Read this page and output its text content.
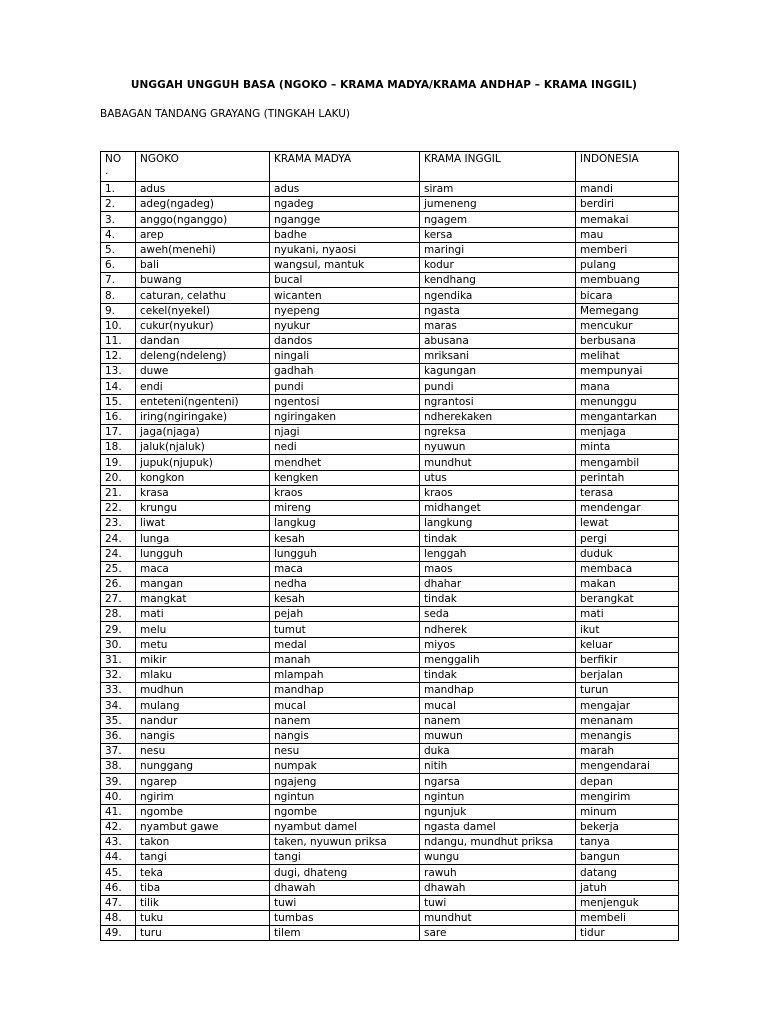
UNGGAH UNGGUH BASA (NGOKO – KRAMA MADYA/KRAMA ANDHAP – KRAMA INGGIL)
BABAGAN TANDANG GRAYANG (TINGKAH LAKU)
NO .	NGOKO	KRAMA MADYA	KRAMA INGGIL	INDONESIA
1.	adus	adus	siram	mandi
2.	adeg(ngadeg)	ngadeg	jumeneng	berdiri
3.	anggo(nganggo)	ngangge	ngagem	memakai
4.	arep	badhe	kersa	mau
5.	aweh(menehi)	nyukani, nyaosi	maringi	memberi
6.	bali	wangsul, mantuk	kodur	pulang
7.	buwang	bucal	kendhang	membuang
8.	caturan, celathu	wicanten	ngendika	bicara
9.	cekel(nyekel)	nyepeng	ngasta	Memegang
10.	cukur(nyukur)	nyukur	maras	mencukur
11.	dandan	dandos	abusana	berbusana
12.	deleng(ndeleng)	ningali	mriksani	melihat
13.	duwe	gadhah	kagungan	mempunyai
14.	endi	pundi	pundi	mana
15.	enteteni(ngenteni)	ngentosi	ngrantosi	menunggu
16.	iring(ngiringake)	ngiringaken	ndherekaken	mengantarkan
17.	jaga(njaga)	njagi	ngreksa	menjaga
18.	jaluk(njaluk)	nedi	nyuwun	minta
19.	jupuk(njupuk)	mendhet	mundhut	mengambil
20.	kongkon	kengken	utus	perintah
21.	krasa	kraos	kraos	terasa
22.	krungu	mireng	midhanget	mendengar
23.	liwat	langkug	langkung	lewat
24.	lunga	kesah	tindak	pergi
24.	lungguh	lungguh	lenggah	duduk
25.	maca	maca	maos	membaca
26.	mangan	nedha	dhahar	makan
27.	mangkat	kesah	tindak	berangkat
28.	mati	pejah	seda	mati
29.	melu	tumut	ndherek	ikut
30.	metu	medal	miyos	keluar
31.	mikir	manah	menggalih	berfikir
32.	mlaku	mlampah	tindak	berjalan
33.	mudhun	mandhap	mandhap	turun
34.	mulang	mucal	mucal	mengajar
35.	nandur	nanem	nanem	menanam
36.	nangis	nangis	muwun	menangis
37.	nesu	nesu	duka	marah
38.	nunggang	numpak	nitih	mengendarai
39.	ngarep	ngajeng	ngarsa	depan
40.	ngirim	ngintun	ngintun	mengirim
41.	ngombe	ngombe	ngunjuk	minum
42.	nyambut gawe	nyambut damel	ngasta damel	bekerja
43.	takon	taken, nyuwun priksa	ndangu, mundhut priksa	tanya
44.	tangi	tangi	wungu	bangun
45.	teka	dugi, dhateng	rawuh	datang
46.	tiba	dhawah	dhawah	jatuh
47.	tilik	tuwi	tuwi	menjenguk
48.	tuku	tumbas	mundhut	membeli
49.	turu	tilem	sare	tidur
